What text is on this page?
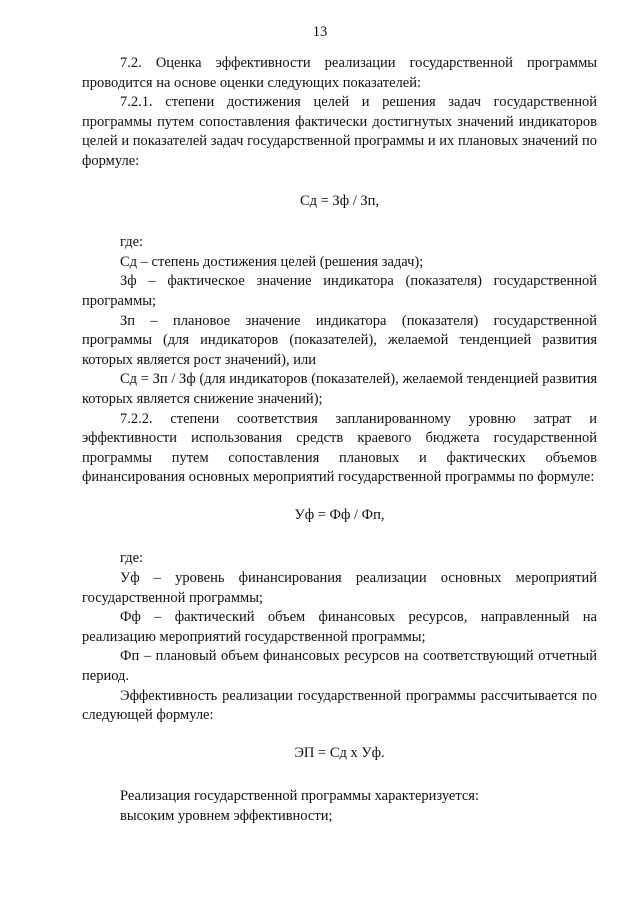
13

7.2. Оценка эффективности реализации государственной программы проводится на основе оценки следующих показателей:

7.2.1. степени достижения целей и решения задач государственной программы путем сопоставления фактически достигнутых значений индикаторов целей и показателей задач государственной программы и их плановых значений по формуле:

Сд = Зф / Зп,

где:

Сд – степень достижения целей (решения задач);

Зф – фактическое значение индикатора (показателя) государственной программы;

Зп – плановое значение индикатора (показателя) государственной программы (для индикаторов (показателей), желаемой тенденцией развития которых является рост значений), или

Сд = Зп / Зф (для индикаторов (показателей), желаемой тенденцией развития которых является снижение значений);

7.2.2. степени соответствия запланированному уровню затрат и эффективности использования средств краевого бюджета государственной программы путем сопоставления плановых и фактических объемов финансирования основных мероприятий государственной программы по формуле:

Уф = Фф / Фп,

где:

Уф – уровень финансирования реализации основных мероприятий государственной программы;

Фф – фактический объем финансовых ресурсов, направленный на реализацию мероприятий государственной программы;

Фп – плановый объем финансовых ресурсов на соответствующий отчетный период.

Эффективность реализации государственной программы рассчитывается по следующей формуле:

ЭП = Сд х Уф.

Реализация государственной программы характеризуется:

высоким уровнем эффективности;
